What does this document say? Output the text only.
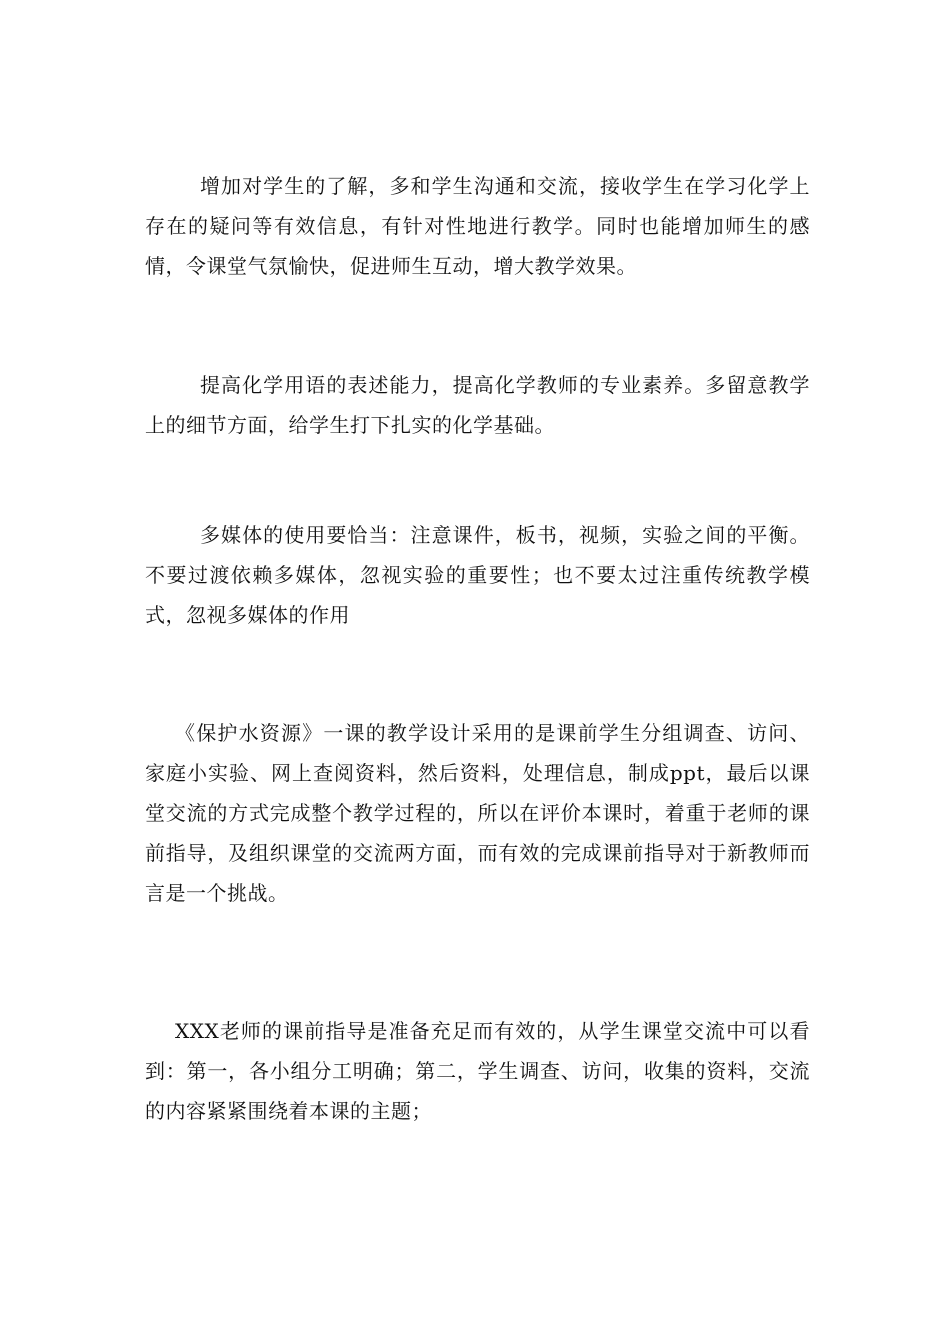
增加对学生的了解，多和学生沟通和交流，接收学生在学习化学上存在的疑问等有效信息，有针对性地进行教学。同时也能增加师生的感情，令课堂气氛愉快，促进师生互动，增大教学效果。

提高化学用语的表述能力，提高化学教师的专业素养。多留意教学上的细节方面，给学生打下扎实的化学基础。

多媒体的使用要恰当：注意课件，板书，视频，实验之间的平衡。不要过渡依赖多媒体，忽视实验的重要性；也不要太过注重传统教学模式，忽视多媒体的作用

《保护水资源》一课的教学设计采用的是课前学生分组调查、访问、家庭小实验、网上查阅资料，然后资料，处理信息，制成ppt，最后以课堂交流的方式完成整个教学过程的，所以在评价本课时，着重于老师的课前指导，及组织课堂的交流两方面，而有效的完成课前指导对于新教师而言是一个挑战。

XXX老师的课前指导是准备充足而有效的，从学生课堂交流中可以看到：第一，各小组分工明确；第二，学生调查、访问，收集的资料，交流的内容紧紧围绕着本课的主题；
